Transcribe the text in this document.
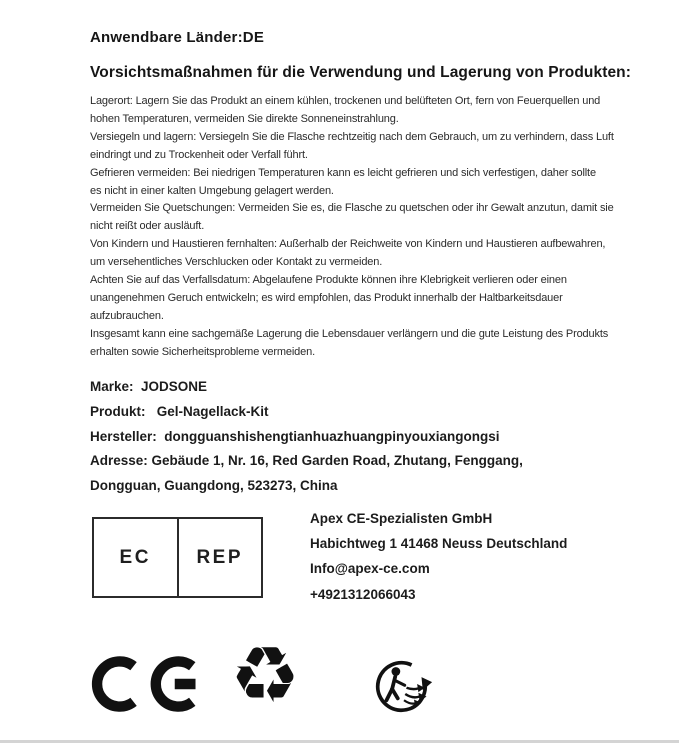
Anwendbare Länder:DE
Vorsichtsmaßnahmen für die Verwendung und Lagerung von Produkten:
Lagerort: Lagern Sie das Produkt an einem kühlen, trockenen und belüfteten Ort, fern von Feuerquellen und
hohen Temperaturen, vermeiden Sie direkte Sonneneinstrahlung.
Versiegeln und lagern: Versiegeln Sie die Flasche rechtzeitig nach dem Gebrauch, um zu verhindern, dass Luft
eindringt und zu Trockenheit oder Verfall führt.
Gefrieren vermeiden: Bei niedrigen Temperaturen kann es leicht gefrieren und sich verfestigen, daher sollte
es nicht in einer kalten Umgebung gelagert werden.
Vermeiden Sie Quetschungen: Vermeiden Sie es, die Flasche zu quetschen oder ihr Gewalt anzutun, damit sie
nicht reißt oder ausläuft.
Von Kindern und Haustieren fernhalten: Außerhalb der Reichweite von Kindern und Haustieren aufbewahren,
um versehentliches Verschlucken oder Kontakt zu vermeiden.
Achten Sie auf das Verfallsdatum: Abgelaufene Produkte können ihre Klebrigkeit verlieren oder einen
unangenehmen Geruch entwickeln; es wird empfohlen, das Produkt innerhalb der Haltbarkeitsdauer
aufzubrauchen.
Insgesamt kann eine sachgemäße Lagerung die Lebensdauer verlängern und die gute Leistung des Produkts
erhalten sowie Sicherheitsprobleme vermeiden.
Marke:  JODSONE
Produkt:   Gel-Nagellack-Kit
Hersteller:  dongguanshishengtianhuazhuangpinyouxiangongsi
Adresse: Gebäude 1, Nr. 16, Red Garden Road, Zhutang, Fenggang,
Dongguan, Guangdong, 523273, China
EC	REP
Apex CE-Spezialisten GmbH
Habichtweg 1 41468 Neuss Deutschland
Info@apex-ce.com
+4921312066043
♻
